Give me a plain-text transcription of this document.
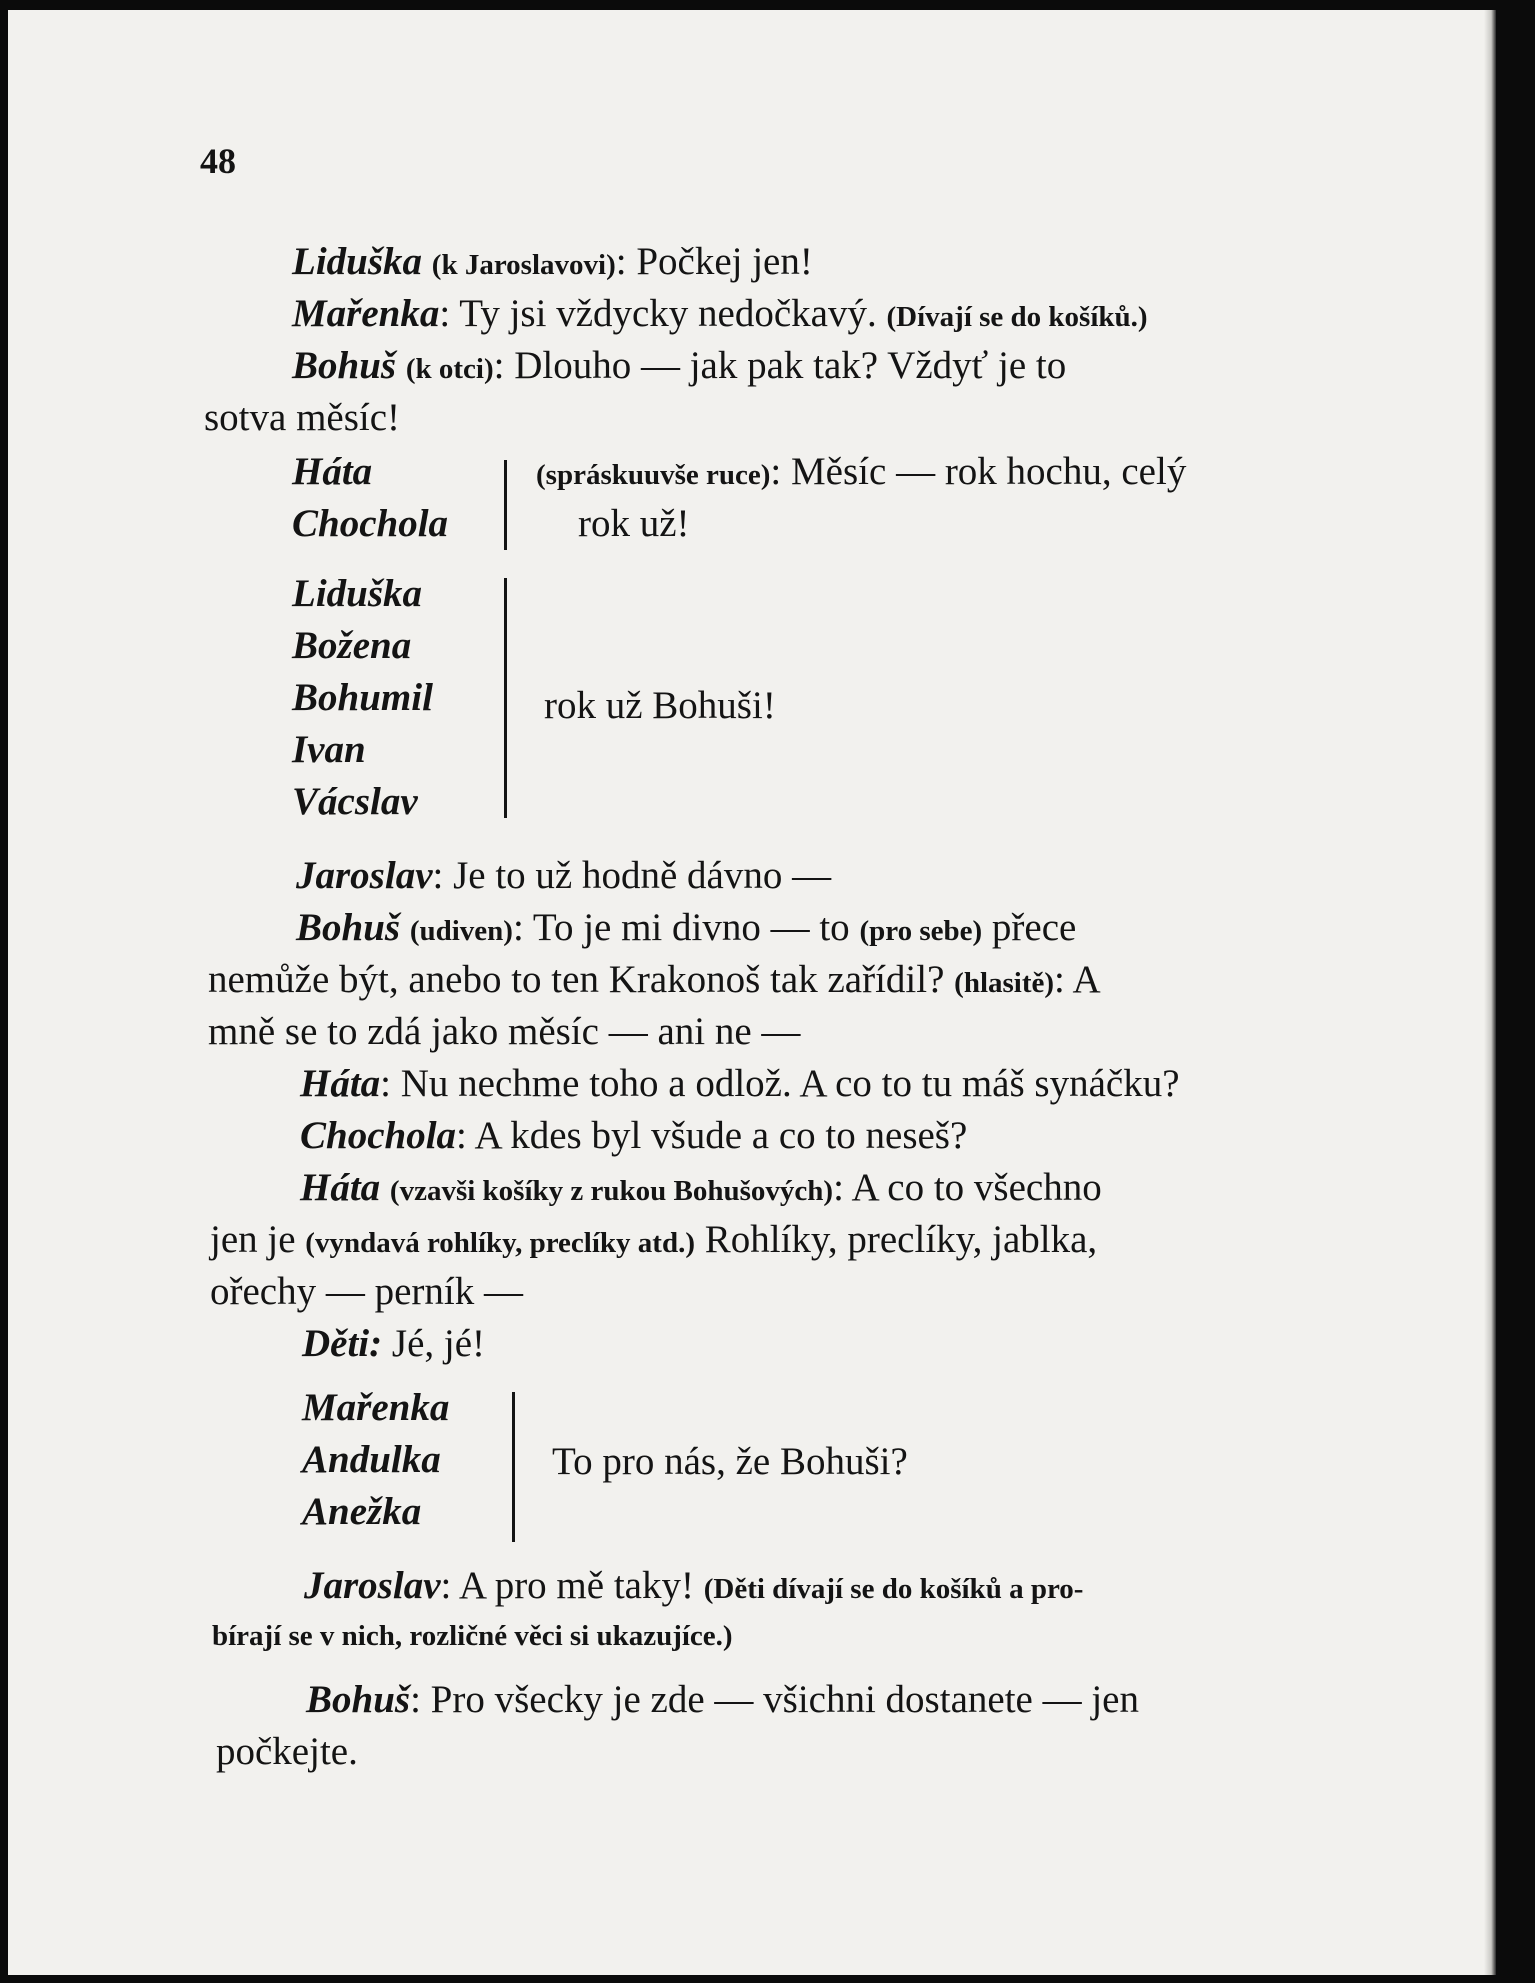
48
Liduška (k Jaroslavovi): Počkej jen!
Mařenka: Ty jsi vždycky nedočkavý. (Dívají se do košíků.)
Bohuš (k otci): Dlouho — jak pak tak? Vždyť je to
sotva měsíc!
Háta
Chochola
(spráskuuvše ruce): Měsíc — rok hochu, celý
rok už!
Liduška
Božena
Bohumil
Ivan
Vácslav
rok už Bohuši!
Jaroslav: Je to už hodně dávno —
Bohuš (udiven): To je mi divno — to (pro sebe) přece
nemůže být, anebo to ten Krakonoš tak zařídil? (hlasitě): A
mně se to zdá jako měsíc — ani ne —
Háta: Nu nechme toho a odlož. A co to tu máš synáčku?
Chochola: A kdes byl všude a co to neseš?
Háta (vzavši košíky z rukou Bohušových): A co to všechno
jen je (vyndavá rohlíky, preclíky atd.) Rohlíky, preclíky, jablka,
ořechy — perník —
Děti: Jé, jé!
Mařenka
Andulka
Anežka
To pro nás, že Bohuši?
Jaroslav: A pro mě taky! (Děti dívají se do košíků a pro-
bírají se v nich, rozličné věci si ukazujíce.)
Bohuš: Pro všecky je zde — všichni dostanete — jen
počkejte.
